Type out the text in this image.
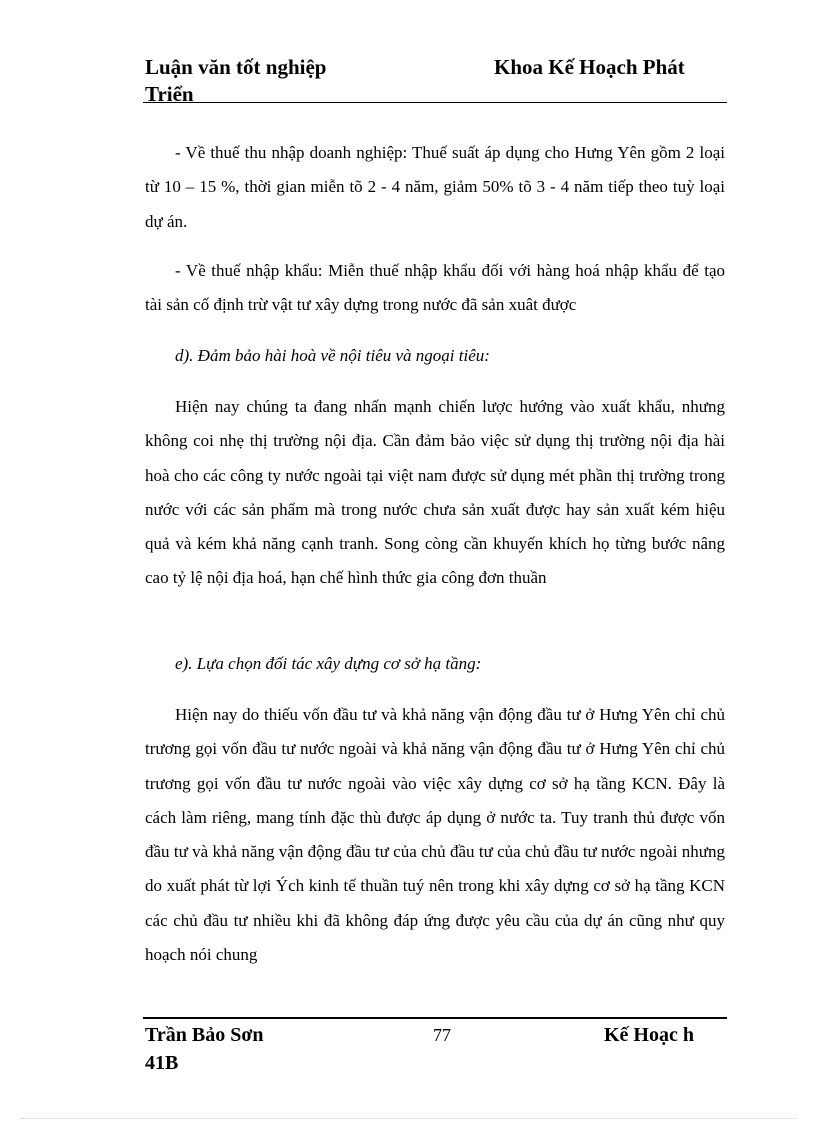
Luận văn tốt nghiệp
Triển
Khoa Kế Hoạch Phát
- Về thuế thu nhập doanh nghiệp: Thuế suất áp dụng cho Hưng Yên gồm 2 loại từ 10 – 15 %, thời gian miễn tõ 2 - 4 năm, giảm 50% tõ 3 - 4 năm tiếp theo tuỳ loại dự án.
- Về thuế nhập khẩu: Miễn thuế nhập khẩu đối với hàng hoá nhập khẩu để tạo tài sản cố định trừ vật tư xây dựng trong nước đã sản xuât được
d). Đảm bảo hài hoà về nội tiêu và ngoại tiêu:
Hiện nay chúng ta đang nhấn mạnh chiến lược hướng vào xuất khẩu, nhưng không coi nhẹ thị trường nội địa. Cần đảm bảo việc sử dụng thị trường nội địa hài hoà cho các công ty nước ngoài tại việt nam được sử dụng mét phần thị trường trong nước với các sản phẩm mà trong nước chưa sản xuất được hay sản xuất kém hiệu quả và kém khả năng cạnh tranh. Song còng cần khuyến khích họ từng bước nâng cao tỷ lệ nội địa hoá, hạn chế hình thức gia công đơn thuần
e). Lựa chọn đối tác xây dựng cơ sở hạ tầng:
Hiện nay do thiếu vốn đầu tư và khả năng vận động đầu tư ở Hưng Yên chỉ chủ trương gọi vốn đầu tư nước ngoài và khả năng vận động đầu tư ở Hưng Yên chỉ chủ trương gọi vốn đầu tư nước ngoài vào việc xây dựng cơ sở hạ tầng KCN. Đây là cách làm riêng, mang tính đặc thù được áp dụng ở nước ta. Tuy tranh thủ được vốn đầu tư và khả năng vận động đầu tư của chủ đầu tư của chủ đầu tư nước ngoài nhưng do xuất phát từ lợi Ých kinh tế thuần tuý nên trong khi xây dựng cơ sở hạ tầng KCN các chủ đầu tư nhiều khi đã không đáp ứng được yêu cầu của dự án cũng như quy hoạch nói chung
Trần Bảo Sơn
41B
77	Kế Hoạc h
